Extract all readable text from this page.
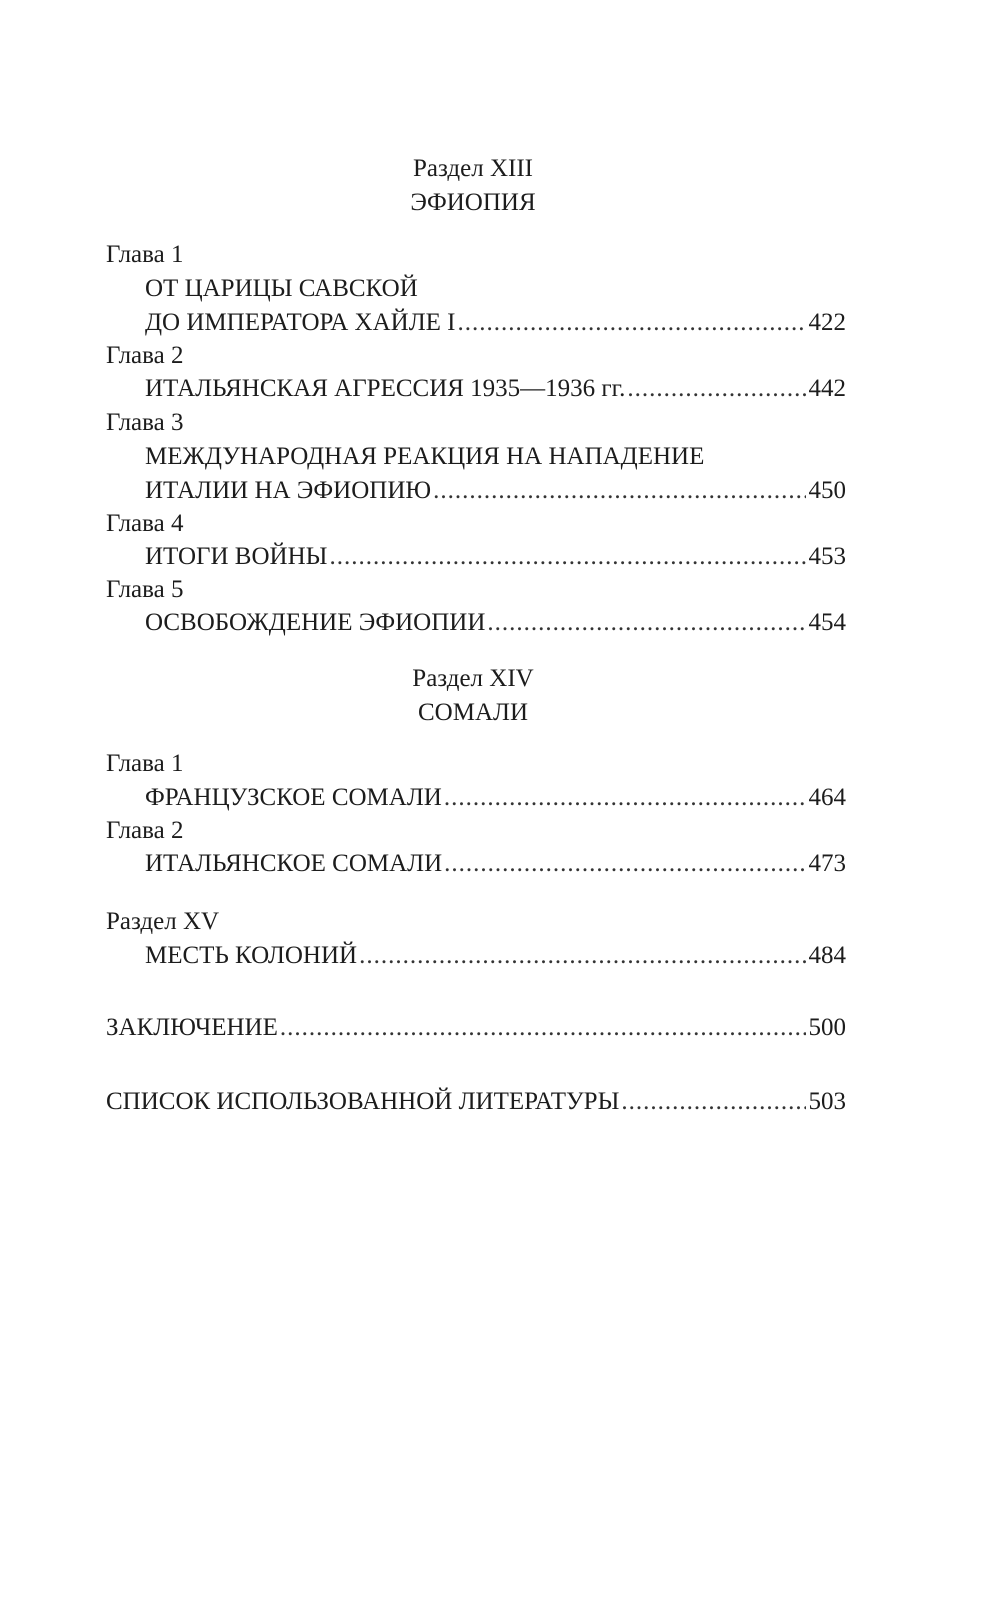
Раздел XIII
ЭФИОПИЯ
Глава 1
ОТ ЦАРИЦЫ САВСКОЙ
ДО ИМПЕРАТОРА ХАЙЛЕ I .....	422
Глава 2
ИТАЛЬЯНСКАЯ АГРЕССИЯ 1935—1936 гг. .....	442
Глава 3
МЕЖДУНАРОДНАЯ РЕАКЦИЯ НА НАПАДЕНИЕ
ИТАЛИИ НА ЭФИОПИЮ .....	450
Глава 4
ИТОГИ ВОЙНЫ .....	453
Глава 5
ОСВОБОЖДЕНИЕ ЭФИОПИИ .....	454
Раздел XIV
СОМАЛИ
Глава 1
ФРАНЦУЗСКОЕ СОМАЛИ .....	464
Глава 2
ИТАЛЬЯНСКОЕ СОМАЛИ .....	473
Раздел XV
МЕСТЬ КОЛОНИЙ .....	484
ЗАКЛЮЧЕНИЕ .....	500
СПИСОК ИСПОЛЬЗОВАННОЙ ЛИТЕРАТУРЫ .....	503
